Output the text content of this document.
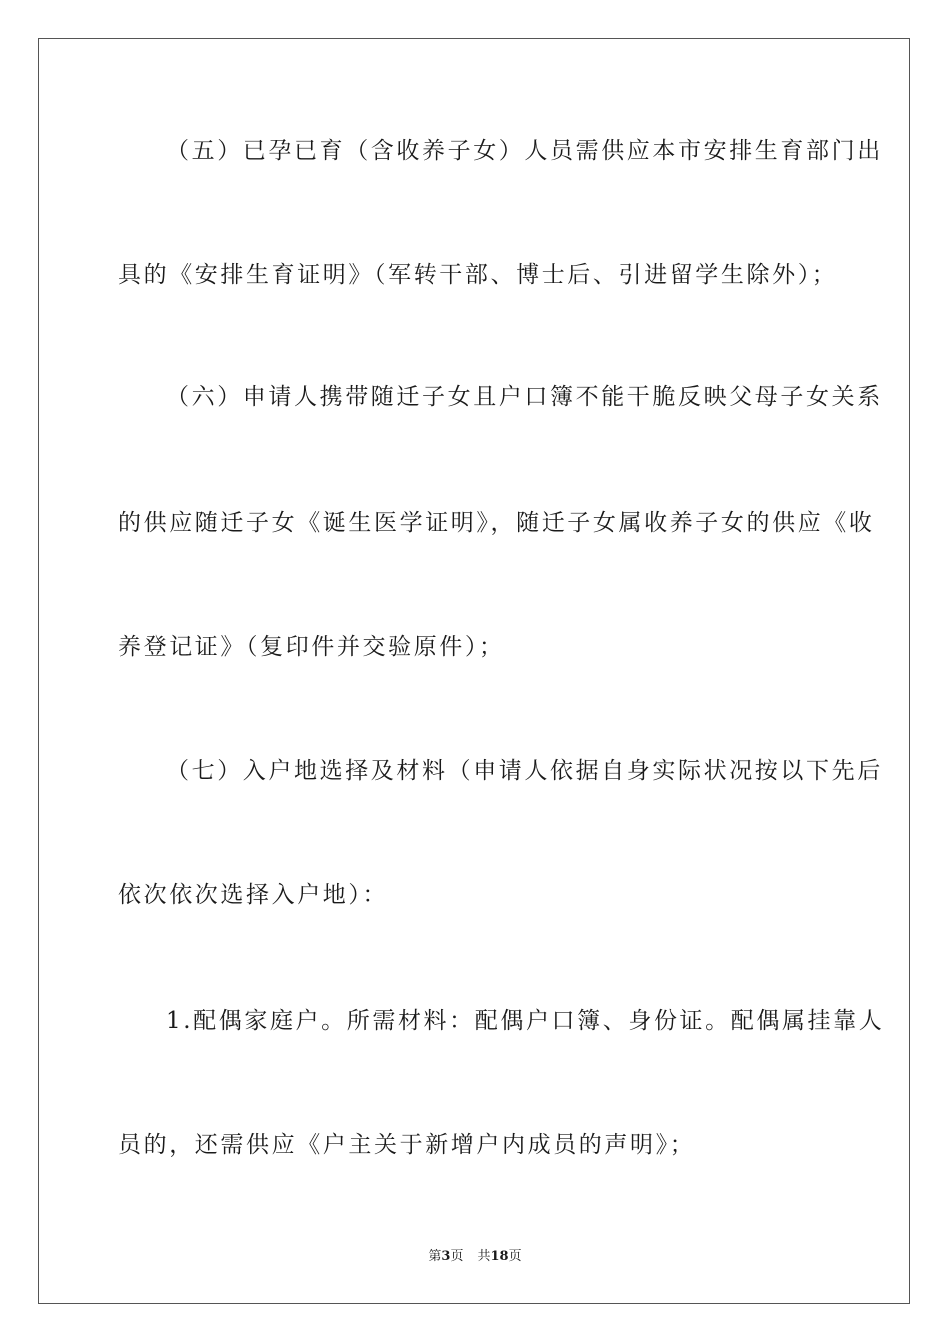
（五）已孕已育（含收养子女）人员需供应本市安排生育部门出
具的《安排生育证明》（军转干部、博士后、引进留学生除外）；
（六）申请人携带随迁子女且户口簿不能干脆反映父母子女关系
的供应随迁子女《诞生医学证明》，随迁子女属收养子女的供应《收
养登记证》（复印件并交验原件）；
（七）入户地选择及材料（申请人依据自身实际状况按以下先后
依次依次选择入户地）：
1.配偶家庭户。所需材料：配偶户口簿、身份证。配偶属挂靠人
员的，还需供应《户主关于新增户内成员的声明》；
第3页 共18页
